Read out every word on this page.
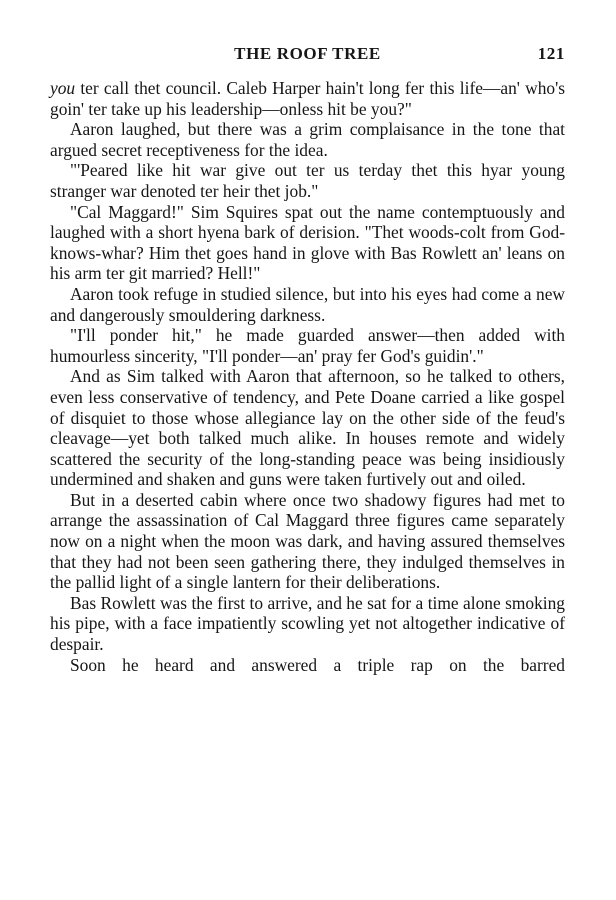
THE ROOF TREE	121

you ter call thet council. Caleb Harper hain't long fer this life—an' who's goin' ter take up his leadership—onless hit be you?"

Aaron laughed, but there was a grim complaisance in the tone that argued secret receptiveness for the idea.

"'Peared like hit war give out ter us terday thet this hyar young stranger war denoted ter heir thet job."

"Cal Maggard!" Sim Squires spat out the name contemptuously and laughed with a short hyena bark of derision. "Thet woods-colt from God-knows-whar? Him thet goes hand in glove with Bas Rowlett an' leans on his arm ter git married? Hell!"

Aaron took refuge in studied silence, but into his eyes had come a new and dangerously smouldering darkness.

"I'll ponder hit," he made guarded answer—then added with humourless sincerity, "I'll ponder—an' pray fer God's guidin'."

And as Sim talked with Aaron that afternoon, so he talked to others, even less conservative of tendency, and Pete Doane carried a like gospel of disquiet to those whose allegiance lay on the other side of the feud's cleavage—yet both talked much alike. In houses remote and widely scattered the security of the long-standing peace was being insidiously undermined and shaken and guns were taken furtively out and oiled.

But in a deserted cabin where once two shadowy figures had met to arrange the assassination of Cal Maggard three figures came separately now on a night when the moon was dark, and having assured themselves that they had not been seen gathering there, they indulged themselves in the pallid light of a single lantern for their deliberations.

Bas Rowlett was the first to arrive, and he sat for a time alone smoking his pipe, with a face impatiently scowling yet not altogether indicative of despair.

Soon he heard and answered a triple rap on the barred
